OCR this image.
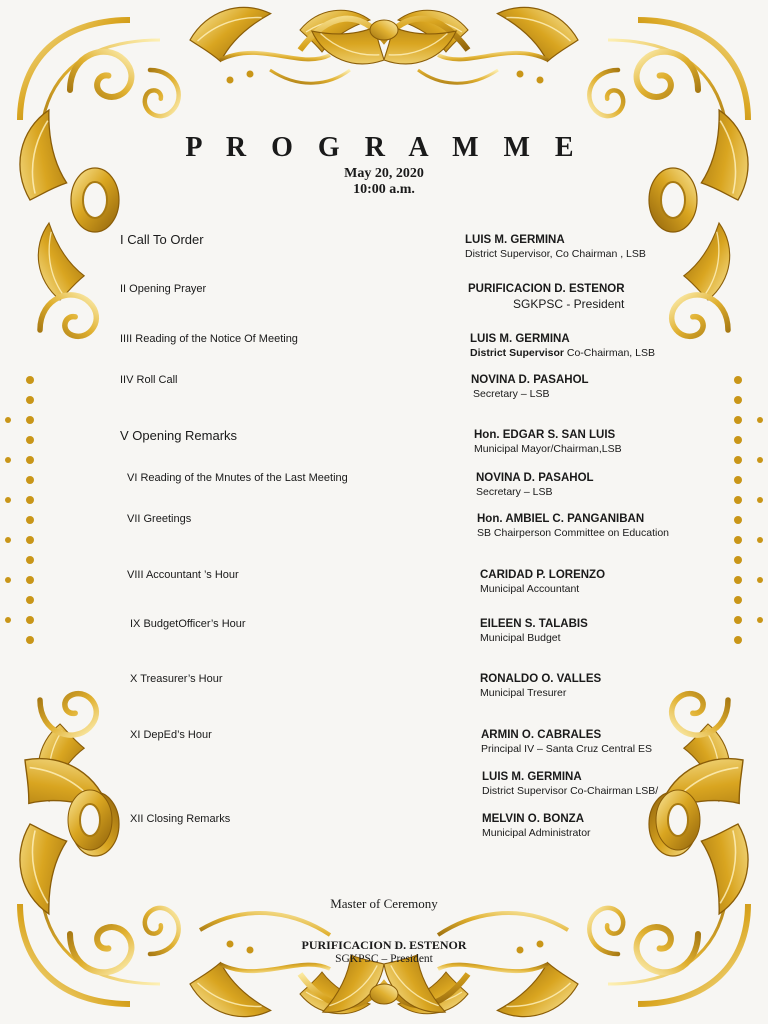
P R O G R A M M E
May 20, 2020
10:00 a.m.
I Call To Order
II Opening Prayer
IIII Reading of the Notice Of Meeting
IIV Roll Call
V Opening Remarks
VI Reading of the Mnutes of the Last Meeting
VII Greetings
VIII Accountant ’s Hour
IX BudgetOfficer’s Hour
X Treasurer’s Hour
XI DepEd’s Hour
XII Closing Remarks
LUIS M. GERMINA
District Supervisor, Co Chairman , LSB
PURIFICACION D. ESTENOR
SGKPSC - President
LUIS M. GERMINA
District Supervisor Co-Chairman, LSB
NOVINA D. PASAHOL
Secretary – LSB
Hon. EDGAR S. SAN LUIS
Municipal Mayor/Chairman,LSB
NOVINA D. PASAHOL
Secretary – LSB
Hon. AMBIEL C. PANGANIBAN
SB Chairperson Committee on Education
CARIDAD P. LORENZO
Municipal Accountant
EILEEN S. TALABIS
Municipal Budget
RONALDO O. VALLES
Municipal Tresurer
ARMIN O. CABRALES
Principal IV – Santa Cruz Central ES
LUIS M. GERMINA
District Supervisor Co-Chairman LSB/
MELVIN O. BONZA
Municipal Administrator
Master of Ceremony
PURIFICACION D. ESTENOR
SGKPSC – President
